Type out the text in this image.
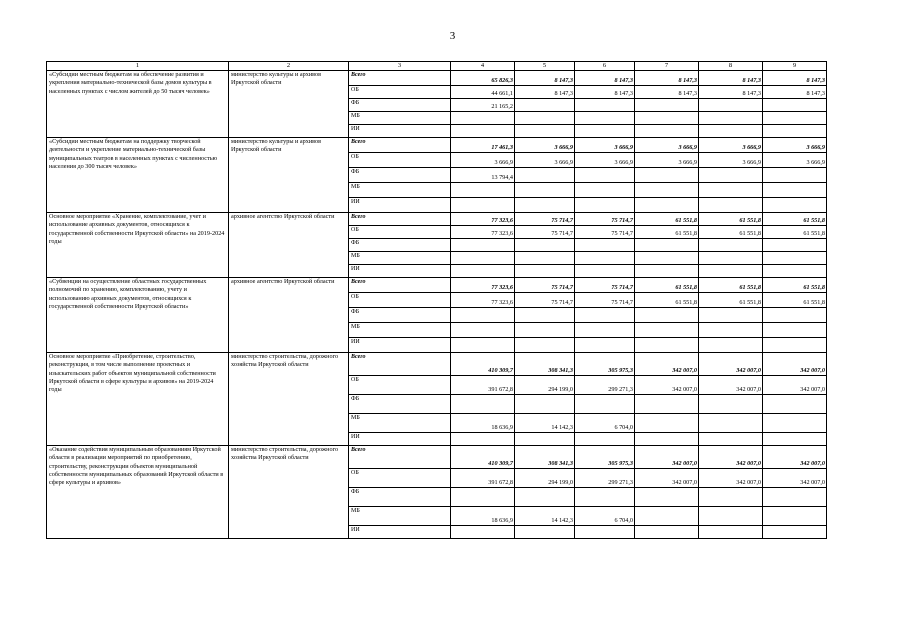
3
1	2	3	4	5	6	7	8	9
«Субсидии местным бюджетам на обеспечение развития и укрепления материально-технической базы домов культуры в населенных пунктах с числом жителей до 50 тысяч человек»	министерство культуры и архивов Иркутской области	Всего	65 826,3	8 147,3	8 147,3	8 147,3	8 147,3	8 147,3
		ОБ	44 661,1	8 147,3	8 147,3	8 147,3	8 147,3	8 147,3
		ФБ	21 165,2					
		МБ						
		ИИ						
«Субсидии местным бюджетам на поддержку творческой деятельности и укрепление материально-технической базы муниципальных театров в населенных пунктах с численностью населения до 300 тысяч человек»	министерство культуры и архивов Иркутской области	Всего	17 461,3	3 666,9	3 666,9	3 666,9	3 666,9	3 666,9
		ОБ	3 666,9	3 666,9	3 666,9	3 666,9	3 666,9	3 666,9
		ФБ	13 794,4					
		МБ						
		ИИ						
Основное мероприятие «Хранение, комплектование, учет и использование архивных документов, относящихся к государственной собственности Иркутской области» на 2019-2024 годы	архивное агентство Иркутской области	Всего	77 323,6	75 714,7	75 714,7	61 551,8	61 551,8	61 551,8
		ОБ	77 323,6	75 714,7	75 714,7	61 551,8	61 551,8	61 551,8
		ФБ						
		МБ						
		ИИ						
«Субвенции на осуществление областных государственных полномочий по хранению, комплектованию, учету и использованию архивных документов, относящихся к государственной собственности Иркутской области»	архивное агентство Иркутской области	Всего	77 323,6	75 714,7	75 714,7	61 551,8	61 551,8	61 551,8
		ОБ	77 323,6	75 714,7	75 714,7	61 551,8	61 551,8	61 551,8
		ФБ						
		МБ						
		ИИ						
Основное мероприятие «Приобретение, строительство, реконструкция, в том числе выполнение проектных и изыскательских работ объектов муниципальной собственности Иркутской области в сфере культуры и архивов» на 2019-2024 годы	министерство строительства, дорожного хозяйства Иркутской области	Всего	410 309,7	308 341,3	305 975,3	342 007,0	342 007,0	342 007,0
		ОБ	391 672,8	294 199,0	299 271,3	342 007,0	342 007,0	342 007,0
		ФБ						
		МБ	18 636,9	14 142,3	6 704,0			
		ИИ						
«Оказание содействия муниципальным образованиям Иркутской области в реализации мероприятий по приобретению, строительству, реконструкции объектов муниципальной собственности муниципальных образований Иркутской области в сфере культуры и архивов»	министерство строительства, дорожного хозяйства Иркутской области	Всего	410 309,7	308 341,3	305 975,3	342 007,0	342 007,0	342 007,0
		ОБ	391 672,8	294 199,0	299 271,3	342 007,0	342 007,0	342 007,0
		ФБ						
		МБ	18 636,9	14 142,3	6 704,0			
		ИИ						
